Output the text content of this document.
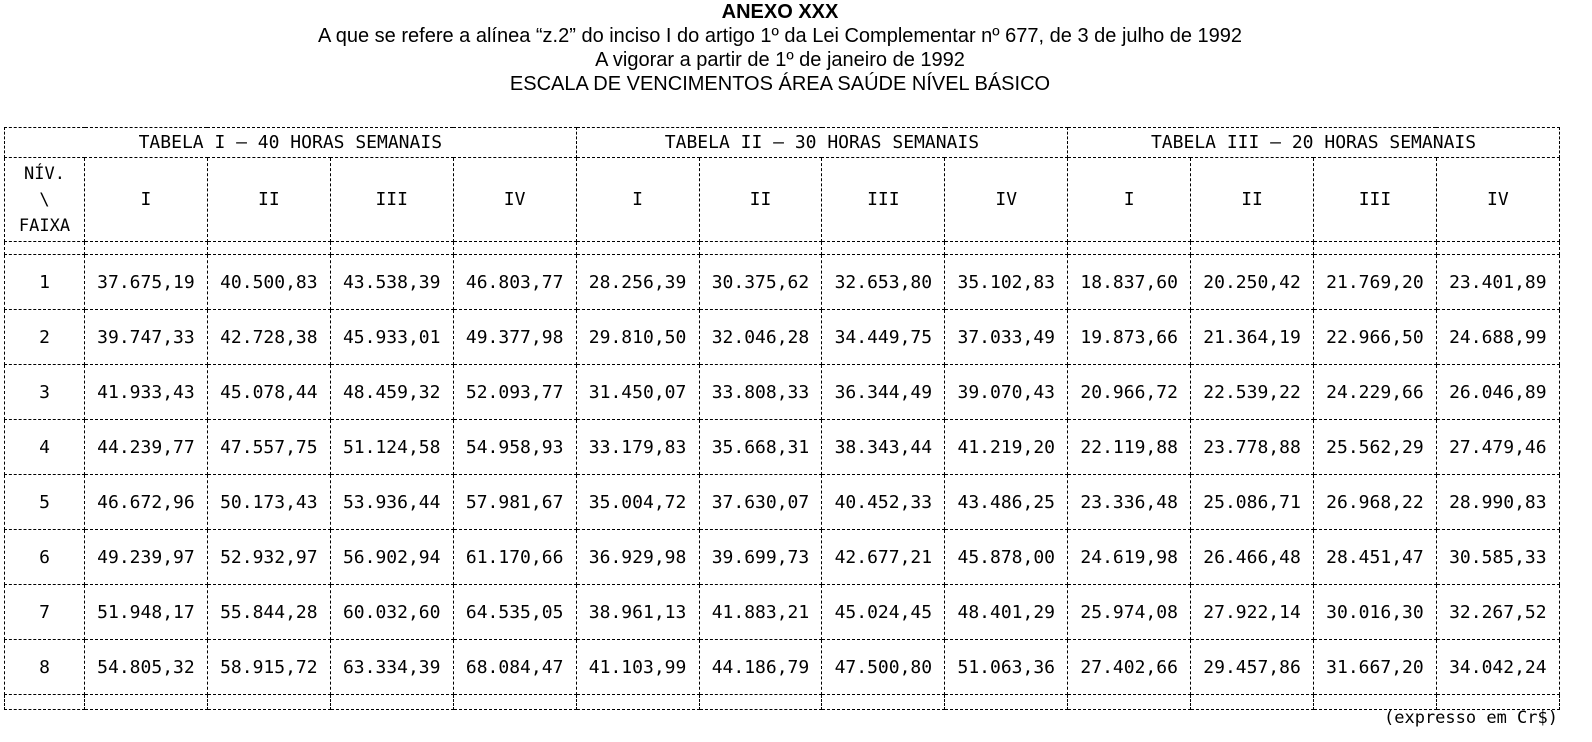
ANEXO XXX
A que se refere a alínea “z.2” do inciso I do artigo 1º da Lei Complementar nº 677, de 3 de julho de 1992
A vigorar a partir de 1º de janeiro de 1992
ESCALA DE VENCIMENTOS ÁREA SAÚDE NÍVEL BÁSICO
TABELA I – 40 HORAS SEMANAIS					TABELA II – 30 HORAS SEMANAIS				TABELA III – 20 HORAS SEMANAIS			

NÍV.
\
FAIXA	I	II	III	IV	I	II	III	IV	I	II	III	IV

1	37.675,19	40.500,83	43.538,39	46.803,77	28.256,39	30.375,62	32.653,80	35.102,83	18.837,60	20.250,42	21.769,20	23.401,89
2	39.747,33	42.728,38	45.933,01	49.377,98	29.810,50	32.046,28	34.449,75	37.033,49	19.873,66	21.364,19	22.966,50	24.688,99
3	41.933,43	45.078,44	48.459,32	52.093,77	31.450,07	33.808,33	36.344,49	39.070,43	20.966,72	22.539,22	24.229,66	26.046,89
4	44.239,77	47.557,75	51.124,58	54.958,93	33.179,83	35.668,31	38.343,44	41.219,20	22.119,88	23.778,88	25.562,29	27.479,46
5	46.672,96	50.173,43	53.936,44	57.981,67	35.004,72	37.630,07	40.452,33	43.486,25	23.336,48	25.086,71	26.968,22	28.990,83
6	49.239,97	52.932,97	56.902,94	61.170,66	36.929,98	39.699,73	42.677,21	45.878,00	24.619,98	26.466,48	28.451,47	30.585,33
7	51.948,17	55.844,28	60.032,60	64.535,05	38.961,13	41.883,21	45.024,45	48.401,29	25.974,08	27.922,14	30.016,30	32.267,52
8	54.805,32	58.915,72	63.334,39	68.084,47	41.103,99	44.186,79	47.500,80	51.063,36	27.402,66	29.457,86	31.667,20	34.042,24

(expresso em Cr$)
